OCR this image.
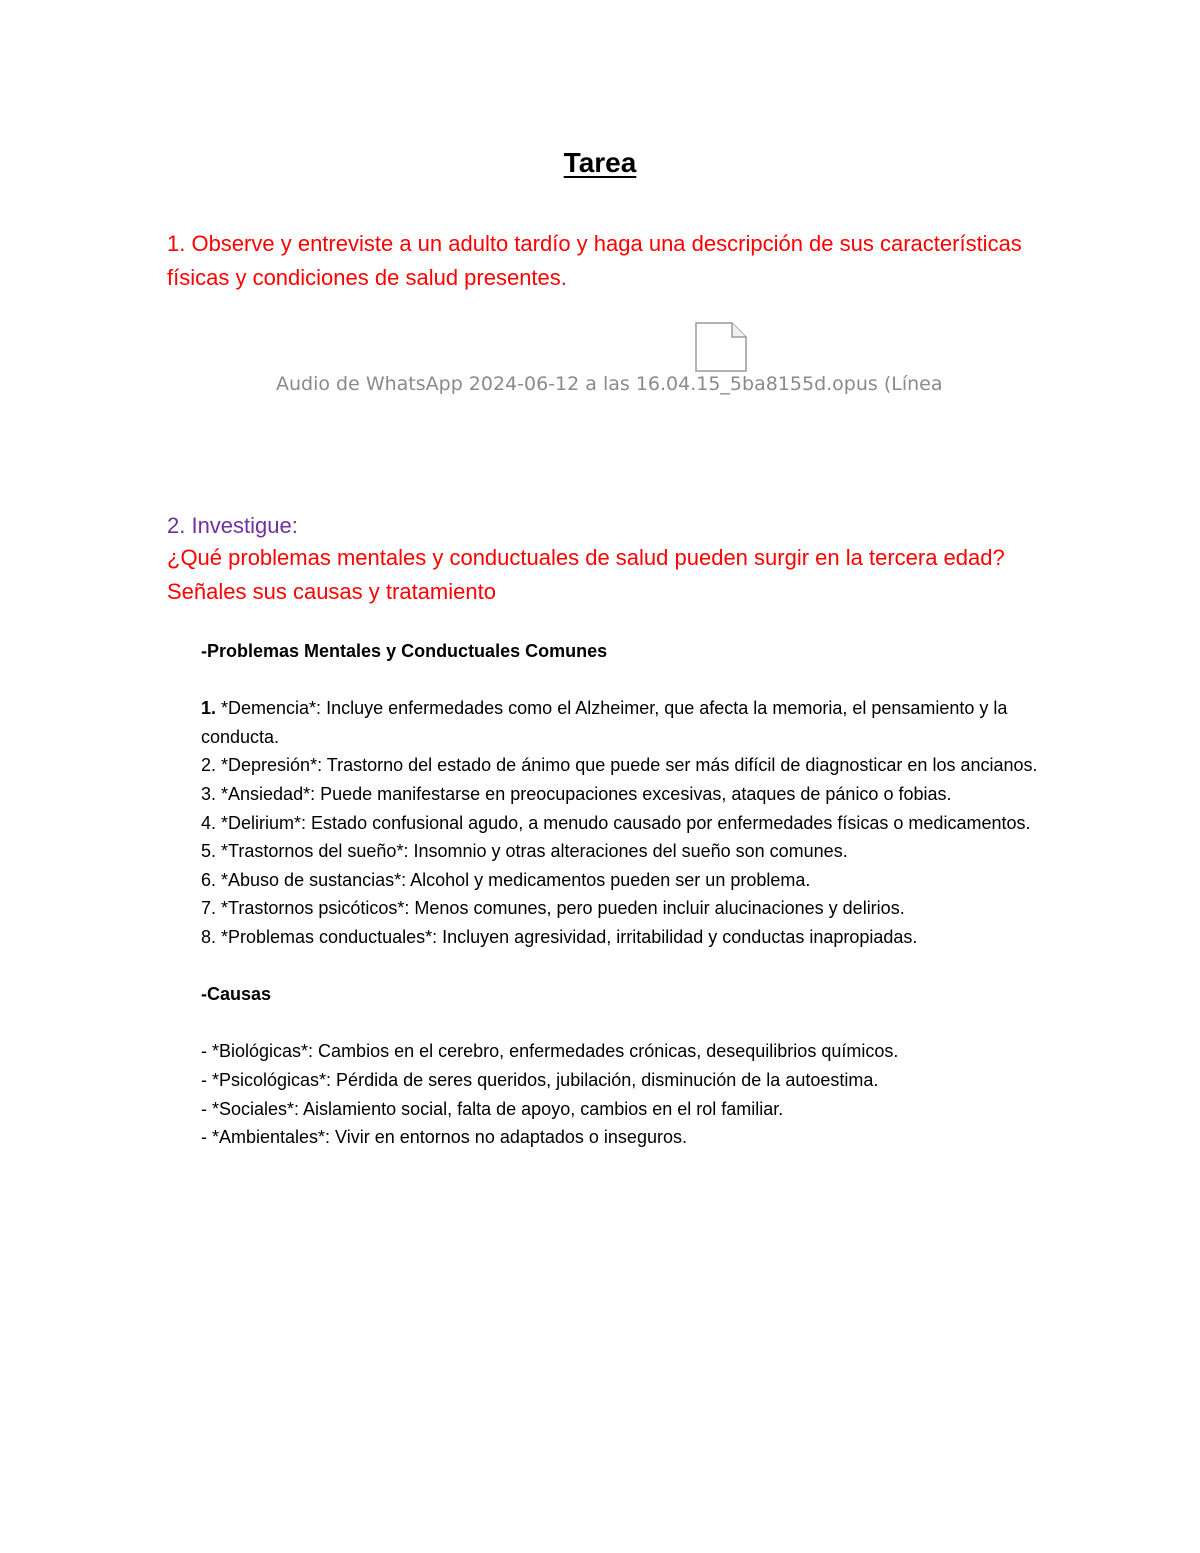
Tarea
1. Observe y entreviste a un adulto tardío y haga una descripción de sus características físicas y condiciones de salud presentes.
Audio de WhatsApp 2024-06-12 a las 16.04.15_5ba8155d.opus (Línea
2. Investigue:
¿Qué problemas mentales y conductuales de salud pueden surgir en la tercera edad? Señales sus causas y tratamiento

-Problemas Mentales y Conductuales Comunes

1. *Demencia*: Incluye enfermedades como el Alzheimer, que afecta la memoria, el pensamiento y la conducta.

2. *Depresión*: Trastorno del estado de ánimo que puede ser más difícil de diagnosticar en los ancianos.

3. *Ansiedad*: Puede manifestarse en preocupaciones excesivas, ataques de pánico o fobias.

4. *Delirium*: Estado confusional agudo, a menudo causado por enfermedades físicas o medicamentos.

5. *Trastornos del sueño*: Insomnio y otras alteraciones del sueño son comunes.

6. *Abuso de sustancias*: Alcohol y medicamentos pueden ser un problema.

7. *Trastornos psicóticos*: Menos comunes, pero pueden incluir alucinaciones y delirios.

8. *Problemas conductuales*: Incluyen agresividad, irritabilidad y conductas inapropiadas.

-Causas

- *Biológicas*: Cambios en el cerebro, enfermedades crónicas, desequilibrios químicos.

- *Psicológicas*: Pérdida de seres queridos, jubilación, disminución de la autoestima.

- *Sociales*: Aislamiento social, falta de apoyo, cambios en el rol familiar.

- *Ambientales*: Vivir en entornos no adaptados o inseguros.
